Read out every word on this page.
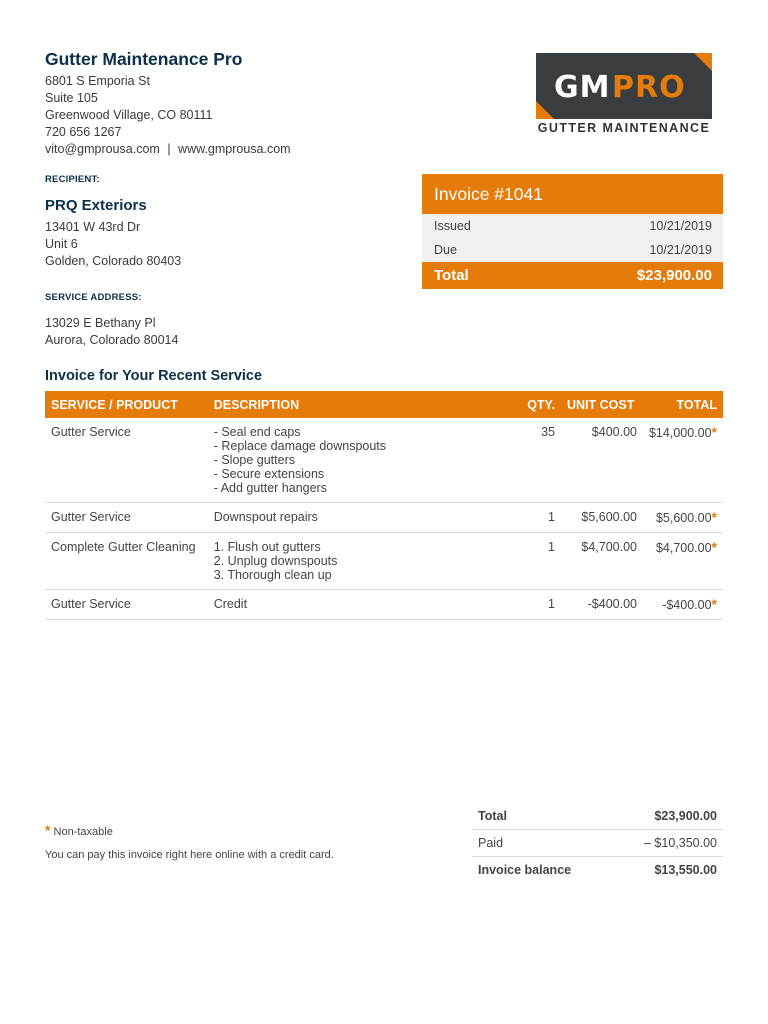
Gutter Maintenance Pro
6801 S Emporia St
Suite 105
Greenwood Village, CO 80111
720 656 1267
vito@gmprousa.com | www.gmprousa.com
GM PRO
GUTTER MAINTENANCE
RECIPIENT:
PRQ Exteriors
13401 W 43rd Dr
Unit 6
Golden, Colorado 80403
SERVICE ADDRESS:
13029 E Bethany Pl
Aurora, Colorado 80014
Invoice #1041
Issued	10/21/2019
Due	10/21/2019
Total	$23,900.00
Invoice for Your Recent Service
SERVICE / PRODUCT	DESCRIPTION	QTY.	UNIT COST	TOTAL
Gutter Service	- Seal end caps
- Replace damage downspouts
- Slope gutters
- Secure extensions
- Add gutter hangers	35	$400.00	$14,000.00*
Gutter Service	Downspout repairs	1	$5,600.00	$5,600.00*
Complete Gutter Cleaning	1. Flush out gutters
2. Unplug downspouts
3. Thorough clean up	1	$4,700.00	$4,700.00*
Gutter Service	Credit	1	-$400.00	-$400.00*
* Non-taxable
You can pay this invoice right here online with a credit card.
Total	$23,900.00
Paid	– $10,350.00
Invoice balance	$13,550.00
